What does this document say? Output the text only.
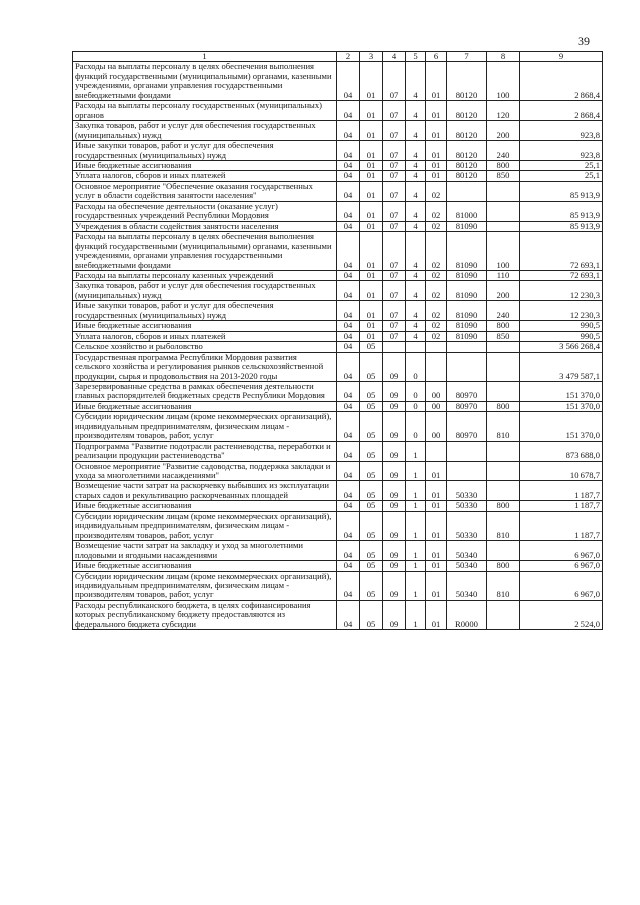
39
1	2	3	4	5	6	7	8	9
Расходы на выплаты персоналу в целях обеспечения выполнения функций государственными (муниципальными) органами, казенными учреждениями, органами управления государственными внебюджетными фондами	04	01	07	4	01	80120	100	2 868,4
Расходы на выплаты персоналу государственных (муниципальных) органов	04	01	07	4	01	80120	120	2 868,4
Закупка товаров, работ и услуг для обеспечения государственных (муниципальных) нужд	04	01	07	4	01	80120	200	923,8
Иные закупки товаров, работ и услуг для обеспечения государственных (муниципальных) нужд	04	01	07	4	01	80120	240	923,8
Иные бюджетные ассигнования	04	01	07	4	01	80120	800	25,1
Уплата налогов, сборов и иных платежей	04	01	07	4	01	80120	850	25,1
Основное мероприятие "Обеспечение оказания государственных услуг в области содействия занятости населения"	04	01	07	4	02			85 913,9
Расходы на обеспечение деятельности (оказание услуг) государственных учреждений Республики Мордовия	04	01	07	4	02	81000		85 913,9
Учреждения в области содействия занятости населения	04	01	07	4	02	81090		85 913,9
Расходы на выплаты персоналу в целях обеспечения выполнения функций государственными (муниципальными) органами, казенными учреждениями, органами управления государственными внебюджетными фондами	04	01	07	4	02	81090	100	72 693,1
Расходы на выплаты персоналу казенных учреждений	04	01	07	4	02	81090	110	72 693,1
Закупка товаров, работ и услуг для обеспечения государственных (муниципальных) нужд	04	01	07	4	02	81090	200	12 230,3
Иные закупки товаров, работ и услуг для обеспечения государственных (муниципальных) нужд	04	01	07	4	02	81090	240	12 230,3
Иные бюджетные ассигнования	04	01	07	4	02	81090	800	990,5
Уплата налогов, сборов и иных платежей	04	01	07	4	02	81090	850	990,5
Сельское хозяйство и рыболовство	04	05						3 566 268,4
Государственная программа Республики Мордовия развития сельского хозяйства и регулирования рынков сельскохозяйственной продукции, сырья и продовольствия на 2013-2020 годы	04	05	09	0				3 479 587,1
Зарезервированные средства в рамках обеспечения деятельности главных распорядителей бюджетных средств Республики Мордовия	04	05	09	0	00	80970		151 370,0
Иные бюджетные ассигнования	04	05	09	0	00	80970	800	151 370,0
Субсидии юридическим лицам (кроме некоммерческих организаций), индивидуальным предпринимателям, физическим лицам - производителям товаров, работ, услуг	04	05	09	0	00	80970	810	151 370,0
Подпрограмма "Развитие подотрасли растениеводства, переработки и реализации продукции растениеводства"	04	05	09	1				873 688,0
Основное мероприятие "Развитие садоводства, поддержка закладки и ухода за многолетними насаждениями"	04	05	09	1	01			10 678,7
Возмещение части затрат на раскорчевку выбывших из эксплуатации старых садов и рекультивацию раскорчеванных площадей	04	05	09	1	01	50330		1 187,7
Иные бюджетные ассигнования	04	05	09	1	01	50330	800	1 187,7
Субсидии юридическим лицам (кроме некоммерческих организаций), индивидуальным предпринимателям, физическим лицам - производителям товаров, работ, услуг	04	05	09	1	01	50330	810	1 187,7
Возмещение части затрат на закладку и уход за многолетними плодовыми и ягодными насаждениями	04	05	09	1	01	50340		6 967,0
Иные бюджетные ассигнования	04	05	09	1	01	50340	800	6 967,0
Субсидии юридическим лицам (кроме некоммерческих организаций), индивидуальным предпринимателям, физическим лицам - производителям товаров, работ, услуг	04	05	09	1	01	50340	810	6 967,0
Расходы республиканского бюджета, в целях софинансирования которых республиканскому бюджету предоставляются из федерального бюджета субсидии	04	05	09	1	01	R0000		2 524,0
